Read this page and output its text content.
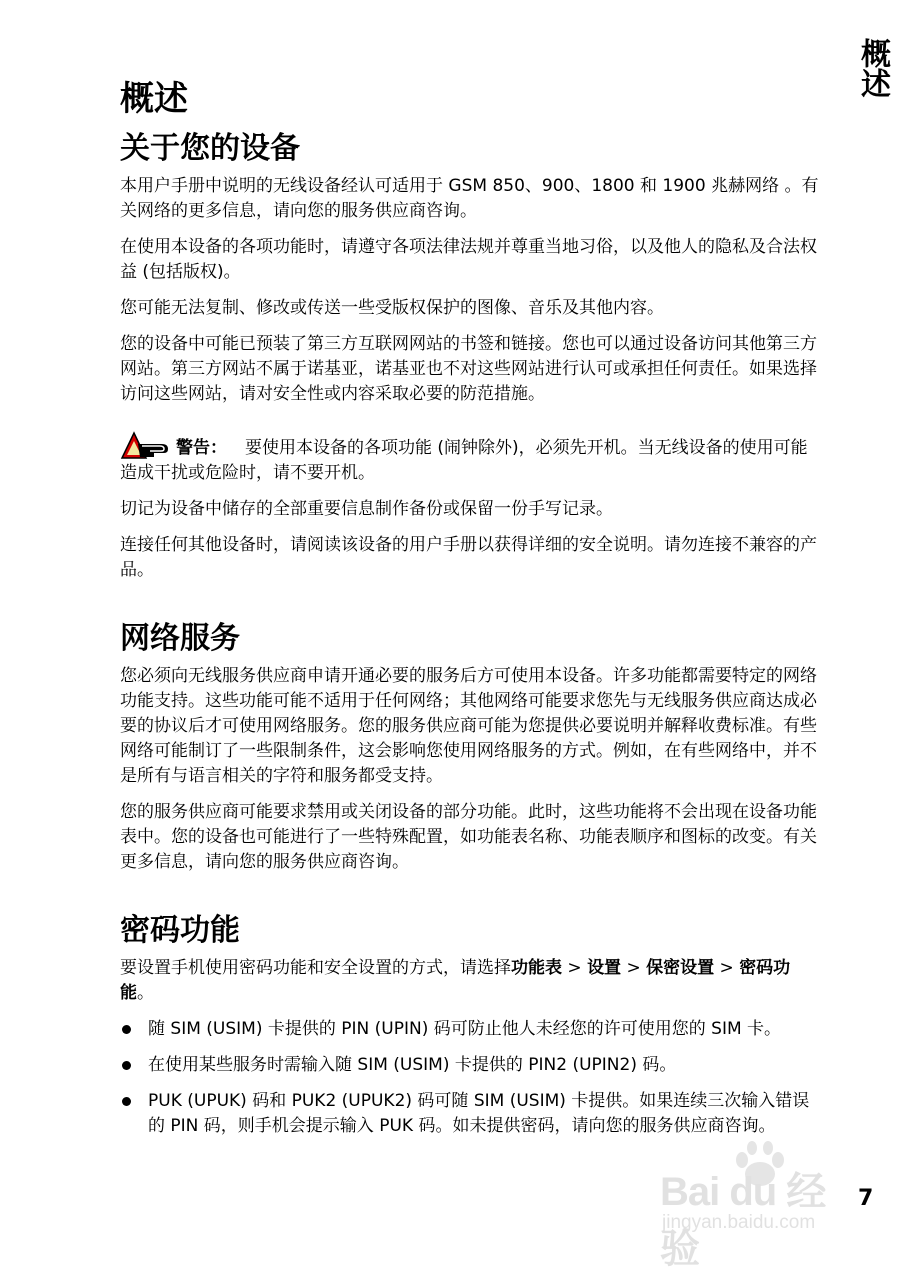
概述
概述
关于您的设备

本用户手册中说明的无线设备经认可适用于 GSM 850、900、1800 和 1900 兆赫网络 。有关网络的更多信息，请向您的服务供应商咨询。

在使用本设备的各项功能时，请遵守各项法律法规并尊重当地习俗，以及他人的隐私及合法权益 (包括版权)。

您可能无法复制、修改或传送一些受版权保护的图像、音乐及其他内容。

您的设备中可能已预装了第三方互联网网站的书签和链接。您也可以通过设备访问其他第三方网站。第三方网站不属于诺基亚，诺基亚也不对这些网站进行认可或承担任何责任。如果选择访问这些网站，请对安全性或内容采取必要的防范措施。

警告： 要使用本设备的各项功能 (闹钟除外)，必须先开机。当无线设备的使用可能造成干扰或危险时，请不要开机。

切记为设备中储存的全部重要信息制作备份或保留一份手写记录。

连接任何其他设备时，请阅读该设备的用户手册以获得详细的安全说明。请勿连接不兼容的产品。

网络服务

您必须向无线服务供应商申请开通必要的服务后方可使用本设备。许多功能都需要特定的网络功能支持。这些功能可能不适用于任何网络；其他网络可能要求您先与无线服务供应商达成必要的协议后才可使用网络服务。您的服务供应商可能为您提供必要说明并解释收费标准。有些网络可能制订了一些限制条件，这会影响您使用网络服务的方式。例如，在有些网络中，并不是所有与语言相关的字符和服务都受支持。

您的服务供应商可能要求禁用或关闭设备的部分功能。此时，这些功能将不会出现在设备功能表中。您的设备也可能进行了一些特殊配置，如功能表名称、功能表顺序和图标的改变。有关更多信息，请向您的服务供应商咨询。

密码功能

要设置手机使用密码功能和安全设置的方式，请选择功能表 > 设置 > 保密设置 > 密码功能。

随 SIM (USIM) 卡提供的 PIN (UPIN) 码可防止他人未经您的许可使用您的 SIM 卡。
在使用某些服务时需输入随 SIM (USIM) 卡提供的 PIN2 (UPIN2) 码。
PUK (UPUK) 码和 PUK2 (UPUK2) 码可随 SIM (USIM) 卡提供。如果连续三次输入错误的 PIN 码，则手机会提示输入 PUK 码。如未提供密码，请向您的服务供应商咨询。
Bai du 经验
jingyan.baidu.com
7
